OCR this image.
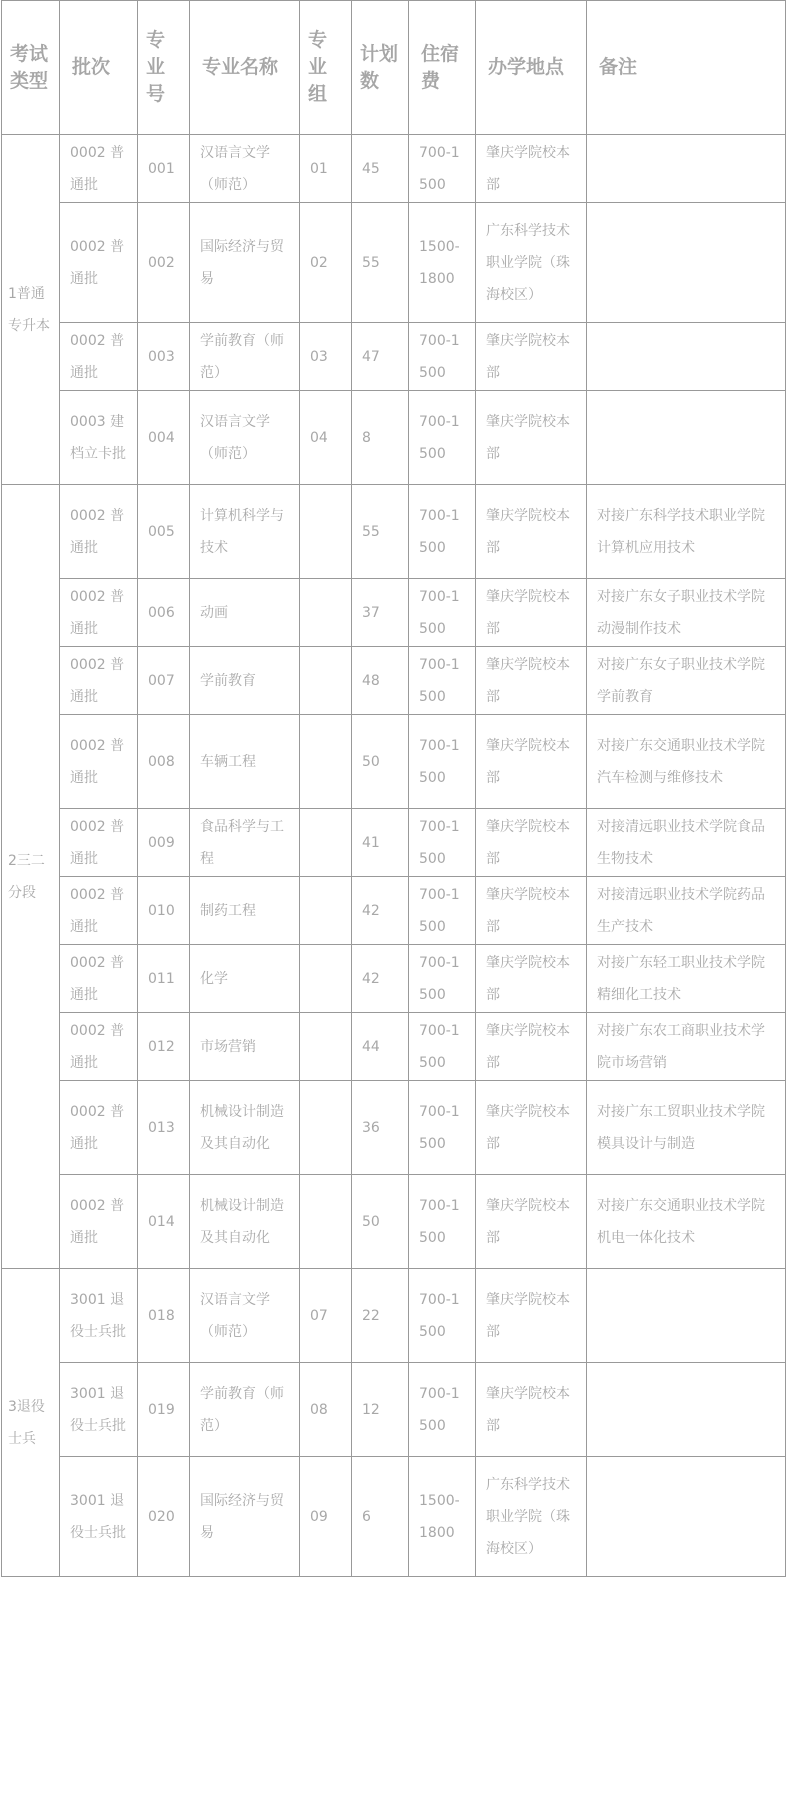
考试类型	批次	专业号	专业名称	专业组	计划数	住宿费	办学地点	备注
1普通专升本	0002 普通批	001	汉语言文学（师范）	01	45	700-1500	肇庆学院校本部	
	0002 普通批	002	国际经济与贸易	02	55	1500-1800	广东科学技术职业学院（珠海校区）	
	0002 普通批	003	学前教育（师范）	03	47	700-1500	肇庆学院校本部	
	0003 建档立卡批	004	汉语言文学（师范）	04	8	700-1500	肇庆学院校本部	
2三二分段	0002 普通批	005	计算机科学与技术		55	700-1500	肇庆学院校本部	对接广东科学技术职业学院计算机应用技术
	0002 普通批	006	动画		37	700-1500	肇庆学院校本部	对接广东女子职业技术学院动漫制作技术
	0002 普通批	007	学前教育		48	700-1500	肇庆学院校本部	对接广东女子职业技术学院学前教育
	0002 普通批	008	车辆工程		50	700-1500	肇庆学院校本部	对接广东交通职业技术学院汽车检测与维修技术
	0002 普通批	009	食品科学与工程		41	700-1500	肇庆学院校本部	对接清远职业技术学院食品生物技术
	0002 普通批	010	制药工程		42	700-1500	肇庆学院校本部	对接清远职业技术学院药品生产技术
	0002 普通批	011	化学		42	700-1500	肇庆学院校本部	对接广东轻工职业技术学院精细化工技术
	0002 普通批	012	市场营销		44	700-1500	肇庆学院校本部	对接广东农工商职业技术学院市场营销
	0002 普通批	013	机械设计制造及其自动化		36	700-1500	肇庆学院校本部	对接广东工贸职业技术学院模具设计与制造
	0002 普通批	014	机械设计制造及其自动化		50	700-1500	肇庆学院校本部	对接广东交通职业技术学院机电一体化技术
3退役士兵	3001 退役士兵批	018	汉语言文学（师范）	07	22	700-1500	肇庆学院校本部	
	3001 退役士兵批	019	学前教育（师范）	08	12	700-1500	肇庆学院校本部	
	3001 退役士兵批	020	国际经济与贸易	09	6	1500-1800	广东科学技术职业学院（珠海校区）	
